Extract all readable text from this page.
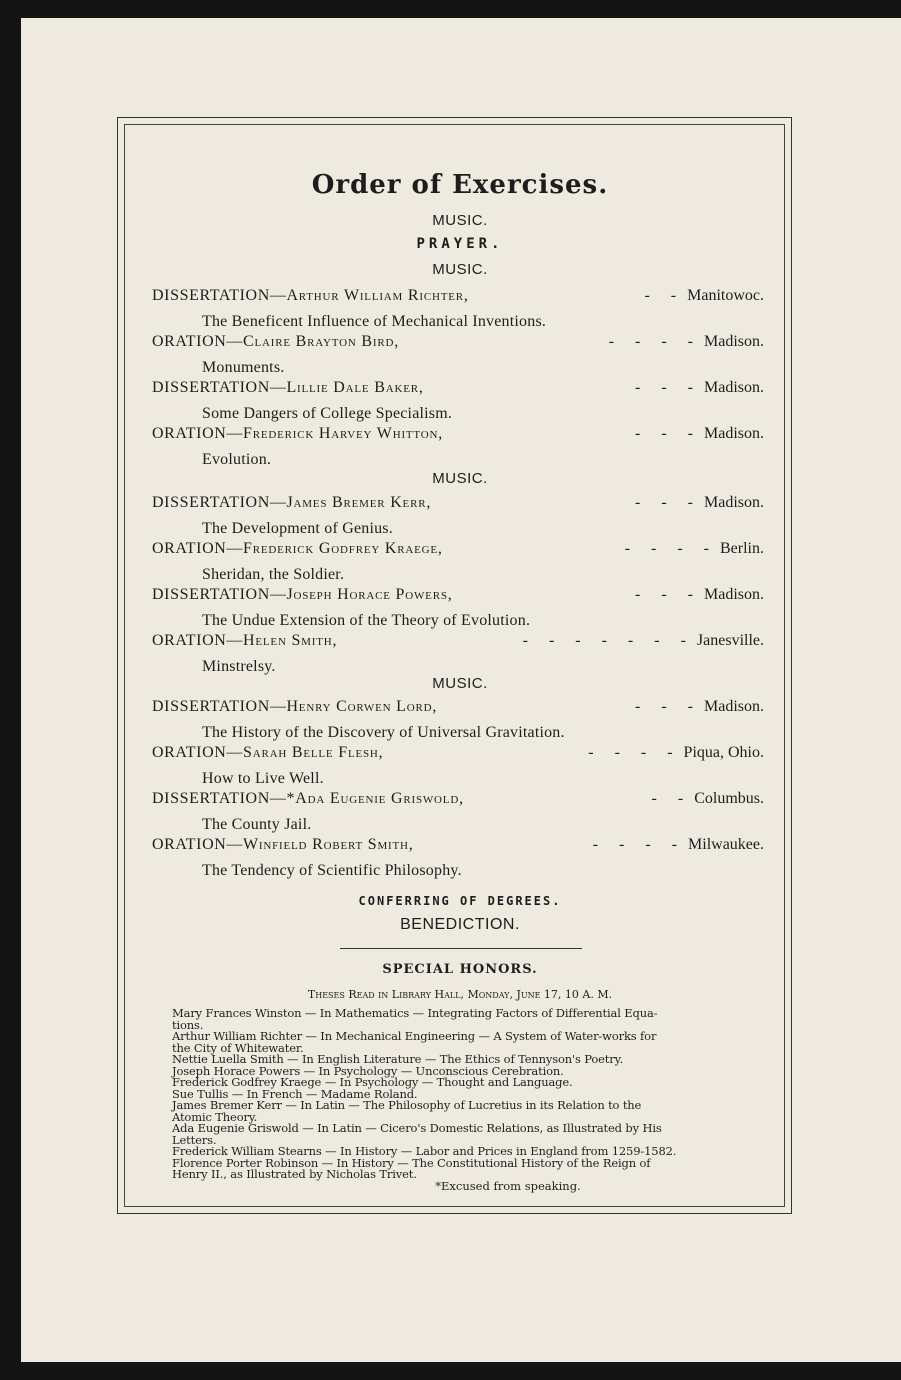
Order of Exercises.
MUSIC.
PRAYER.
MUSIC.
DISSERTATION—Arthur William Richter,	-    - Manitowoc.
The Beneficent Influence of Mechanical Inventions.
ORATION—Claire Brayton Bird,	-    -    -    - Madison.
Monuments.
DISSERTATION—Lillie Dale Baker,	-    -    - Madison.
Some Dangers of College Specialism.
ORATION—Frederick Harvey Whitton,	-    -    - Madison.
Evolution.
MUSIC.
DISSERTATION—James Bremer Kerr,	-    -    - Madison.
The Development of Genius.
ORATION—Frederick Godfrey Kraege,	-    -    -    - Berlin.
Sheridan, the Soldier.
DISSERTATION—Joseph Horace Powers,	-    -    - Madison.
The Undue Extension of the Theory of Evolution.
ORATION—Helen Smith,	-    -    -    -    -    -    - Janesville.
Minstrelsy.
MUSIC.
DISSERTATION—Henry Corwen Lord,	-    -    - Madison.
The History of the Discovery of Universal Gravitation.
ORATION—Sarah Belle Flesh,	-    -    -    - Piqua, Ohio.
How to Live Well.
DISSERTATION—*Ada Eugenie Griswold,	-    - Columbus.
The County Jail.
ORATION—Winfield Robert Smith,	-    -    -    - Milwaukee.
The Tendency of Scientific Philosophy.
CONFERRING OF DEGREES.
BENEDICTION.
SPECIAL HONORS.
Theses Read in Library Hall, Monday, June 17, 10 A. M.
Mary Frances Winston — In Mathematics — Integrating Factors of Differential Equa-
tions.
Arthur William Richter — In Mechanical Engineering — A System of Water-works for
the City of Whitewater.
Nettie Luella Smith — In English Literature — The Ethics of Tennyson's Poetry.
Joseph Horace Powers — In Psychology — Unconscious Cerebration.
Frederick Godfrey Kraege — In Psychology — Thought and Language.
Sue Tullis — In French — Madame Roland.
James Bremer Kerr — In Latin — The Philosophy of Lucretius in its Relation to the
Atomic Theory.
Ada Eugenie Griswold — In Latin — Cicero's Domestic Relations, as Illustrated by His
Letters.
Frederick William Stearns — In History — Labor and Prices in England from 1259-1582.
Florence Porter Robinson — In History — The Constitutional History of the Reign of
Henry II., as Illustrated by Nicholas Trivet.
*Excused from speaking.
